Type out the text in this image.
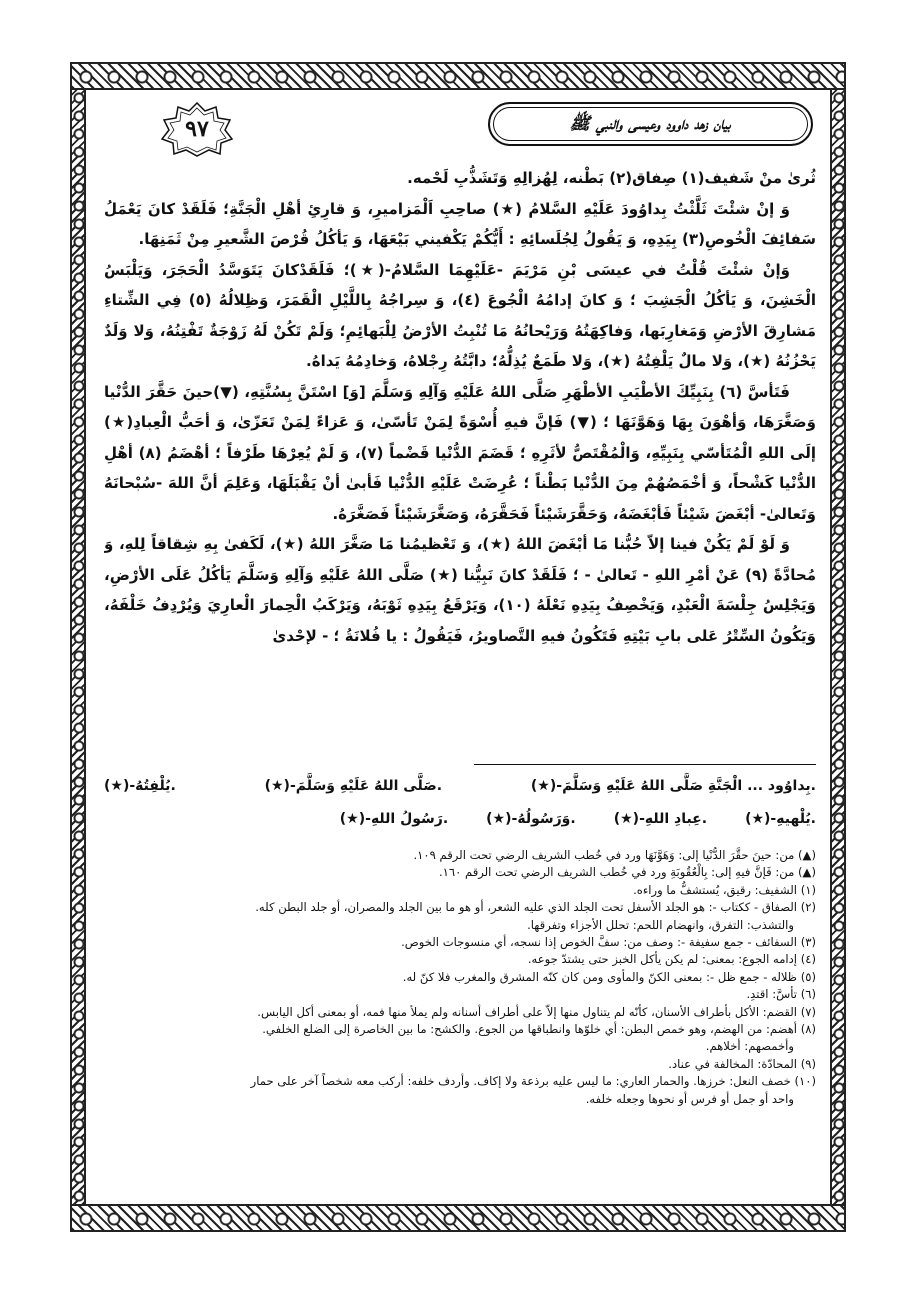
بيان زهد داوود وعيسى والنبي ﷺ
٩٧

ثُرىٰ منْ شَفيف(١) صِفاق(٢) بَطْنه، لِهُزالِهِ وَتَشَذُّبِ لَحْمه.

وَ إنْ شئْتَ ثَلَّثْتُ بِداوُودَ عَلَيْهِ السَّلامُ (★) صاحِبِ اَلْمَزامیرِ، وَ قارِئِ أهْلِ الْجَنَّةِ؛ فَلَقَدْ كانَ يَعْمَلُ سَفائِفَ الْخُوصِ(٣) بِيَدِهِ، وَ يَقُولُ لِجُلَسائِهِ : أَيُّكُمْ يَكْفيني بَيْعَهَا، وَ يَأكُلُ قُرْصَ الشَّعيرِ مِنْ ثَمَنِهَا.

وَإنْ شئْتَ قُلْتُ في عيسَى بْنِ مَرْيَمَ -عَلَيْهِمَا السَّلامُ-(★)؛ فَلَقَدْكانَ يَتَوَسَّدُ الْحَجَرَ، وَيَلْبَسُ الْخَشِنَ، وَ يَأكُلُ الْجَشِبَ ؛ وَ كانَ إدامُهُ الْجُوعَ (٤)، وَ سِراجُهُ بِاللَّيْلِ الْقَمَرَ، وَظِلالُهُ (٥) فِي الشِّتاءِ مَشارِقَ الأرْضِ وَمَغارِبَها، وَفاكِهَتُهُ وَرَيْحانُهُ مَا تُنْبِتُ الأرْضُ لِلْبَهائِمِ؛ وَلَمْ تَكُنْ لَهُ زَوْجَةٌ تَفْتِنُهُ، وَلا وَلَدٌ يَحْزُنُهُ (★)، وَلا مالٌ يَلْفِتُهُ (★)، وَلا طَمَعٌ يُذِلُّهُ؛ دابَّتُهُ رِجْلاهُ، وَخادِمُهُ يَداهُ.

فَتَأسَّ (٦) بِنَبِيِّكَ الأطْيَبِ الأطْهَرِ صَلَّى اللهُ عَلَيْهِ وَآلِهِ وَسَلَّمَ [وَ] اسْتَنَّ بِسُنَّتِهِ، (▼)حينَ حَقَّرَ الدُّنْيا وَصَغَّرَهَا، وَأهْوَنَ بِهَا وَهَوَّنَهَا ؛ (▼) فَإنَّ فيهِ أُسْوَةً لِمَنْ تَأسّىٰ، وَ عَزاءً لِمَنْ تَعَزّىٰ، وَ أحَبُّ الْعِبادِ(★) إلَى اللهِ الْمُتَأسّي بِنَبِيِّهِ، وَالْمُقْتَصُّ لأثَرِهِ ؛ قَضَمَ الدُّنْيا قَضْماً (٧)، وَ لَمْ يُعِرْهَا طَرْفاً ؛ أهْضَمُ (٨) أهْلِ الدُّنْيا كَشْحاً، وَ أخْمَصُهُمْ مِنَ الدُّنْيا بَطْناً ؛ عُرِضَتْ عَلَيْهِ الدُّنْيا فَأبىٰ أنْ يَقْبَلَهَا، وَعَلِمَ أنَّ اللهَ -سُبْحانَهُ وَتَعالىٰ- أبْغَضَ شَيْئاً فَأبْغَضَهُ، وَحَقَّرَشَيْئاً فَحَقَّرَهُ، وَصَغَّرَشَيْئاً فَصَغَّرَهُ.

وَ لَوْ لَمْ يَكُنْ فينا إلاّ حُبُّنا مَا أبْغَضَ اللهُ (★)، وَ تَعْظيمُنا مَا صَغَّرَ اللهُ (★)، لَكَفىٰ بِهِ شِقاقاً لِلهِ، وَ مُحادَّةً (٩) عَنْ أمْرِ اللهِ - تَعالىٰ - ؛ فَلَقَدْ كانَ نَبِيُّنا (★) صَلَّى اللهُ عَلَيْهِ وَآلِهِ وَسَلَّمَ يَأكُلُ عَلَى الأرْضِ، وَيَجْلِسُ جِلْسَةَ الْعَبْدِ، وَيَخْصِفُ بِيَدِهِ نَعْلَهُ (١٠)، وَيَرْقَعُ بِيَدِهِ ثَوْبَهُ، وَيَرْكَبُ الْحِمارَ الْعارِيَ وَيُرْدِفُ خَلْفَهُ، وَيَكُونُ السِّتْرُ عَلى بابِ بَيْتِهِ فَتَكُونُ فيهِ التَّصاويرُ، فَيَقُولُ : يا فُلانَةُ ؛ - لإحْدىٰ

(★)-بِداوُود ... الْجَنَّةِ صَلَّى اللهُ عَلَيْهِ وَسَلَّمَ.
(★)-صَلَّى اللهُ عَلَيْهِ وَسَلَّمَ.
(★)-يُلْفِتُهُ.
(★)-يُلْهيهِ.
(★)-عِبادِ اللهِ.
(★)-وَرَسُولُهُ.
(★)-رَسُولُ اللهِ.

(▲) من: حينَ حقَّرَ الدُّنْيا إلى: وَهَوَّنَهَا ورد في خُطب الشريف الرضي تحت الرقم ١٠٩.

(▲) من: فَإنَّ فيهِ إلى: بِالْعُقُوبَةِ ورد في خُطب الشريف الرضي تحت الرقم ١٦٠.

(١) الشفيف: رقيق، يُستشفُّ ما وراءه.

(٢) الصفاق - ككتاب -: هو الجلد الأسفل تحت الجلد الذي عليه الشعر، أو هو ما بين الجلد والمصران، أو جلد البطن كله.

والتشذب: التفرق، وانهضام اللحم: تحلل الأجزاء وتفرقها.

(٣) السفائف - جمع سفيفة -: وصف من: سفَّ الخوص إذا نسجه، أي منسوجات الخوص.

(٤) إدامه الجوع: بمعنى: لم يكن يأكل الخبز حتى يشتدّ جوعه.

(٥) ظلاله - جمع ظل -: بمعنى الكنّ والمأوى ومن كان كنّه المشرق والمغرب فلا كنّ له.

(٦) تأسَّ: اقتدِ.

(٧) القضم: الأكل بأطراف الأسنان، كأنّه لم يتناول منها إلاّ على أطراف أسنانه ولم يملأ منها فمه، أو بمعنى أكل اليابس.

(٨) أهضم: من الهضم، وهو خمص البطن: أي خلوّها وانطباقها من الجوع. والكشح: ما بين الخاصرة إلى الضلع الخلفي.

وأخمصهم: أخلاهم.

(٩) المحادّة: المخالفة في عناد.

(١٠) خصف النعل: خرزها. والحمار العاري: ما ليس عليه برذعة ولا إكاف. وأردف خلفه: أركب معه شخصاً آخر على حمار

واحد أو جمل أو فرس أو نحوها وجعله خلفه.
